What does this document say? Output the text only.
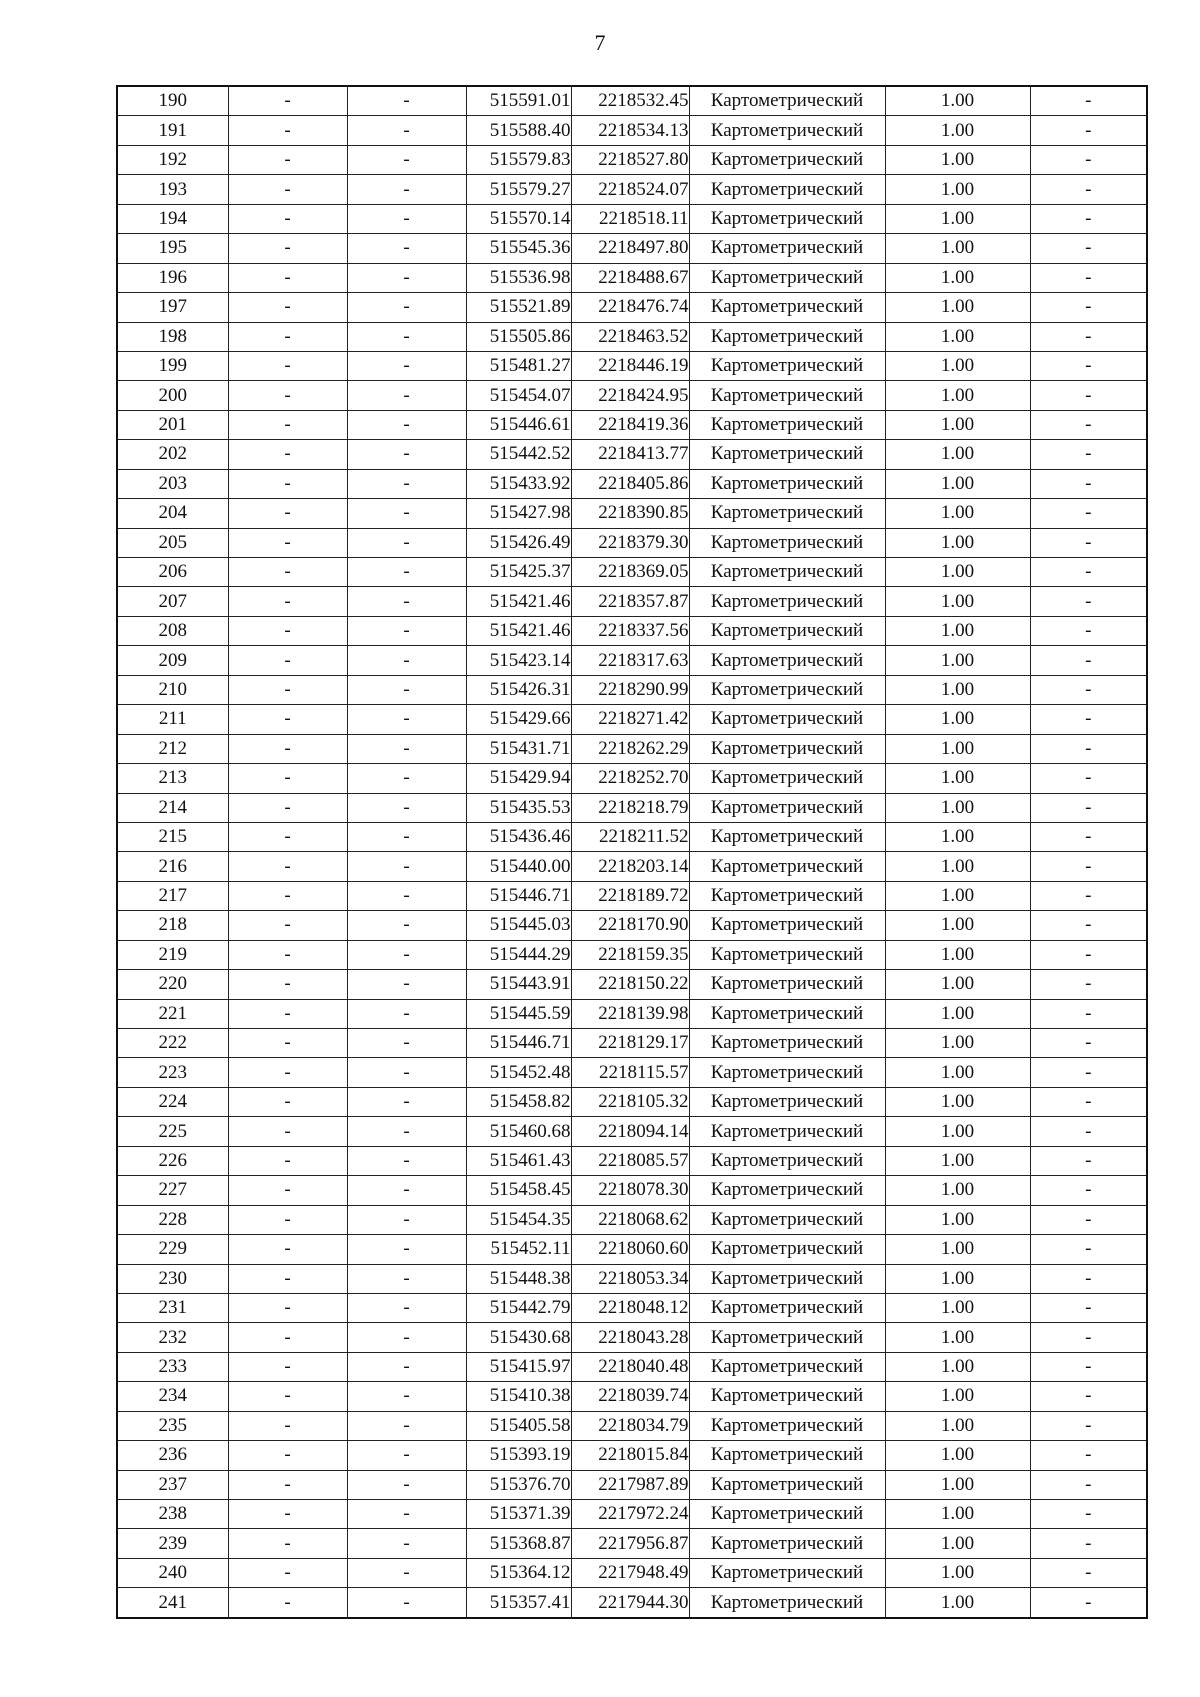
7
190	-	-	515591.01	2218532.45	Картометрический	1.00	-
191	-	-	515588.40	2218534.13	Картометрический	1.00	-
192	-	-	515579.83	2218527.80	Картометрический	1.00	-
193	-	-	515579.27	2218524.07	Картометрический	1.00	-
194	-	-	515570.14	2218518.11	Картометрический	1.00	-
195	-	-	515545.36	2218497.80	Картометрический	1.00	-
196	-	-	515536.98	2218488.67	Картометрический	1.00	-
197	-	-	515521.89	2218476.74	Картометрический	1.00	-
198	-	-	515505.86	2218463.52	Картометрический	1.00	-
199	-	-	515481.27	2218446.19	Картометрический	1.00	-
200	-	-	515454.07	2218424.95	Картометрический	1.00	-
201	-	-	515446.61	2218419.36	Картометрический	1.00	-
202	-	-	515442.52	2218413.77	Картометрический	1.00	-
203	-	-	515433.92	2218405.86	Картометрический	1.00	-
204	-	-	515427.98	2218390.85	Картометрический	1.00	-
205	-	-	515426.49	2218379.30	Картометрический	1.00	-
206	-	-	515425.37	2218369.05	Картометрический	1.00	-
207	-	-	515421.46	2218357.87	Картометрический	1.00	-
208	-	-	515421.46	2218337.56	Картометрический	1.00	-
209	-	-	515423.14	2218317.63	Картометрический	1.00	-
210	-	-	515426.31	2218290.99	Картометрический	1.00	-
211	-	-	515429.66	2218271.42	Картометрический	1.00	-
212	-	-	515431.71	2218262.29	Картометрический	1.00	-
213	-	-	515429.94	2218252.70	Картометрический	1.00	-
214	-	-	515435.53	2218218.79	Картометрический	1.00	-
215	-	-	515436.46	2218211.52	Картометрический	1.00	-
216	-	-	515440.00	2218203.14	Картометрический	1.00	-
217	-	-	515446.71	2218189.72	Картометрический	1.00	-
218	-	-	515445.03	2218170.90	Картометрический	1.00	-
219	-	-	515444.29	2218159.35	Картометрический	1.00	-
220	-	-	515443.91	2218150.22	Картометрический	1.00	-
221	-	-	515445.59	2218139.98	Картометрический	1.00	-
222	-	-	515446.71	2218129.17	Картометрический	1.00	-
223	-	-	515452.48	2218115.57	Картометрический	1.00	-
224	-	-	515458.82	2218105.32	Картометрический	1.00	-
225	-	-	515460.68	2218094.14	Картометрический	1.00	-
226	-	-	515461.43	2218085.57	Картометрический	1.00	-
227	-	-	515458.45	2218078.30	Картометрический	1.00	-
228	-	-	515454.35	2218068.62	Картометрический	1.00	-
229	-	-	515452.11	2218060.60	Картометрический	1.00	-
230	-	-	515448.38	2218053.34	Картометрический	1.00	-
231	-	-	515442.79	2218048.12	Картометрический	1.00	-
232	-	-	515430.68	2218043.28	Картометрический	1.00	-
233	-	-	515415.97	2218040.48	Картометрический	1.00	-
234	-	-	515410.38	2218039.74	Картометрический	1.00	-
235	-	-	515405.58	2218034.79	Картометрический	1.00	-
236	-	-	515393.19	2218015.84	Картометрический	1.00	-
237	-	-	515376.70	2217987.89	Картометрический	1.00	-
238	-	-	515371.39	2217972.24	Картометрический	1.00	-
239	-	-	515368.87	2217956.87	Картометрический	1.00	-
240	-	-	515364.12	2217948.49	Картометрический	1.00	-
241	-	-	515357.41	2217944.30	Картометрический	1.00	-
